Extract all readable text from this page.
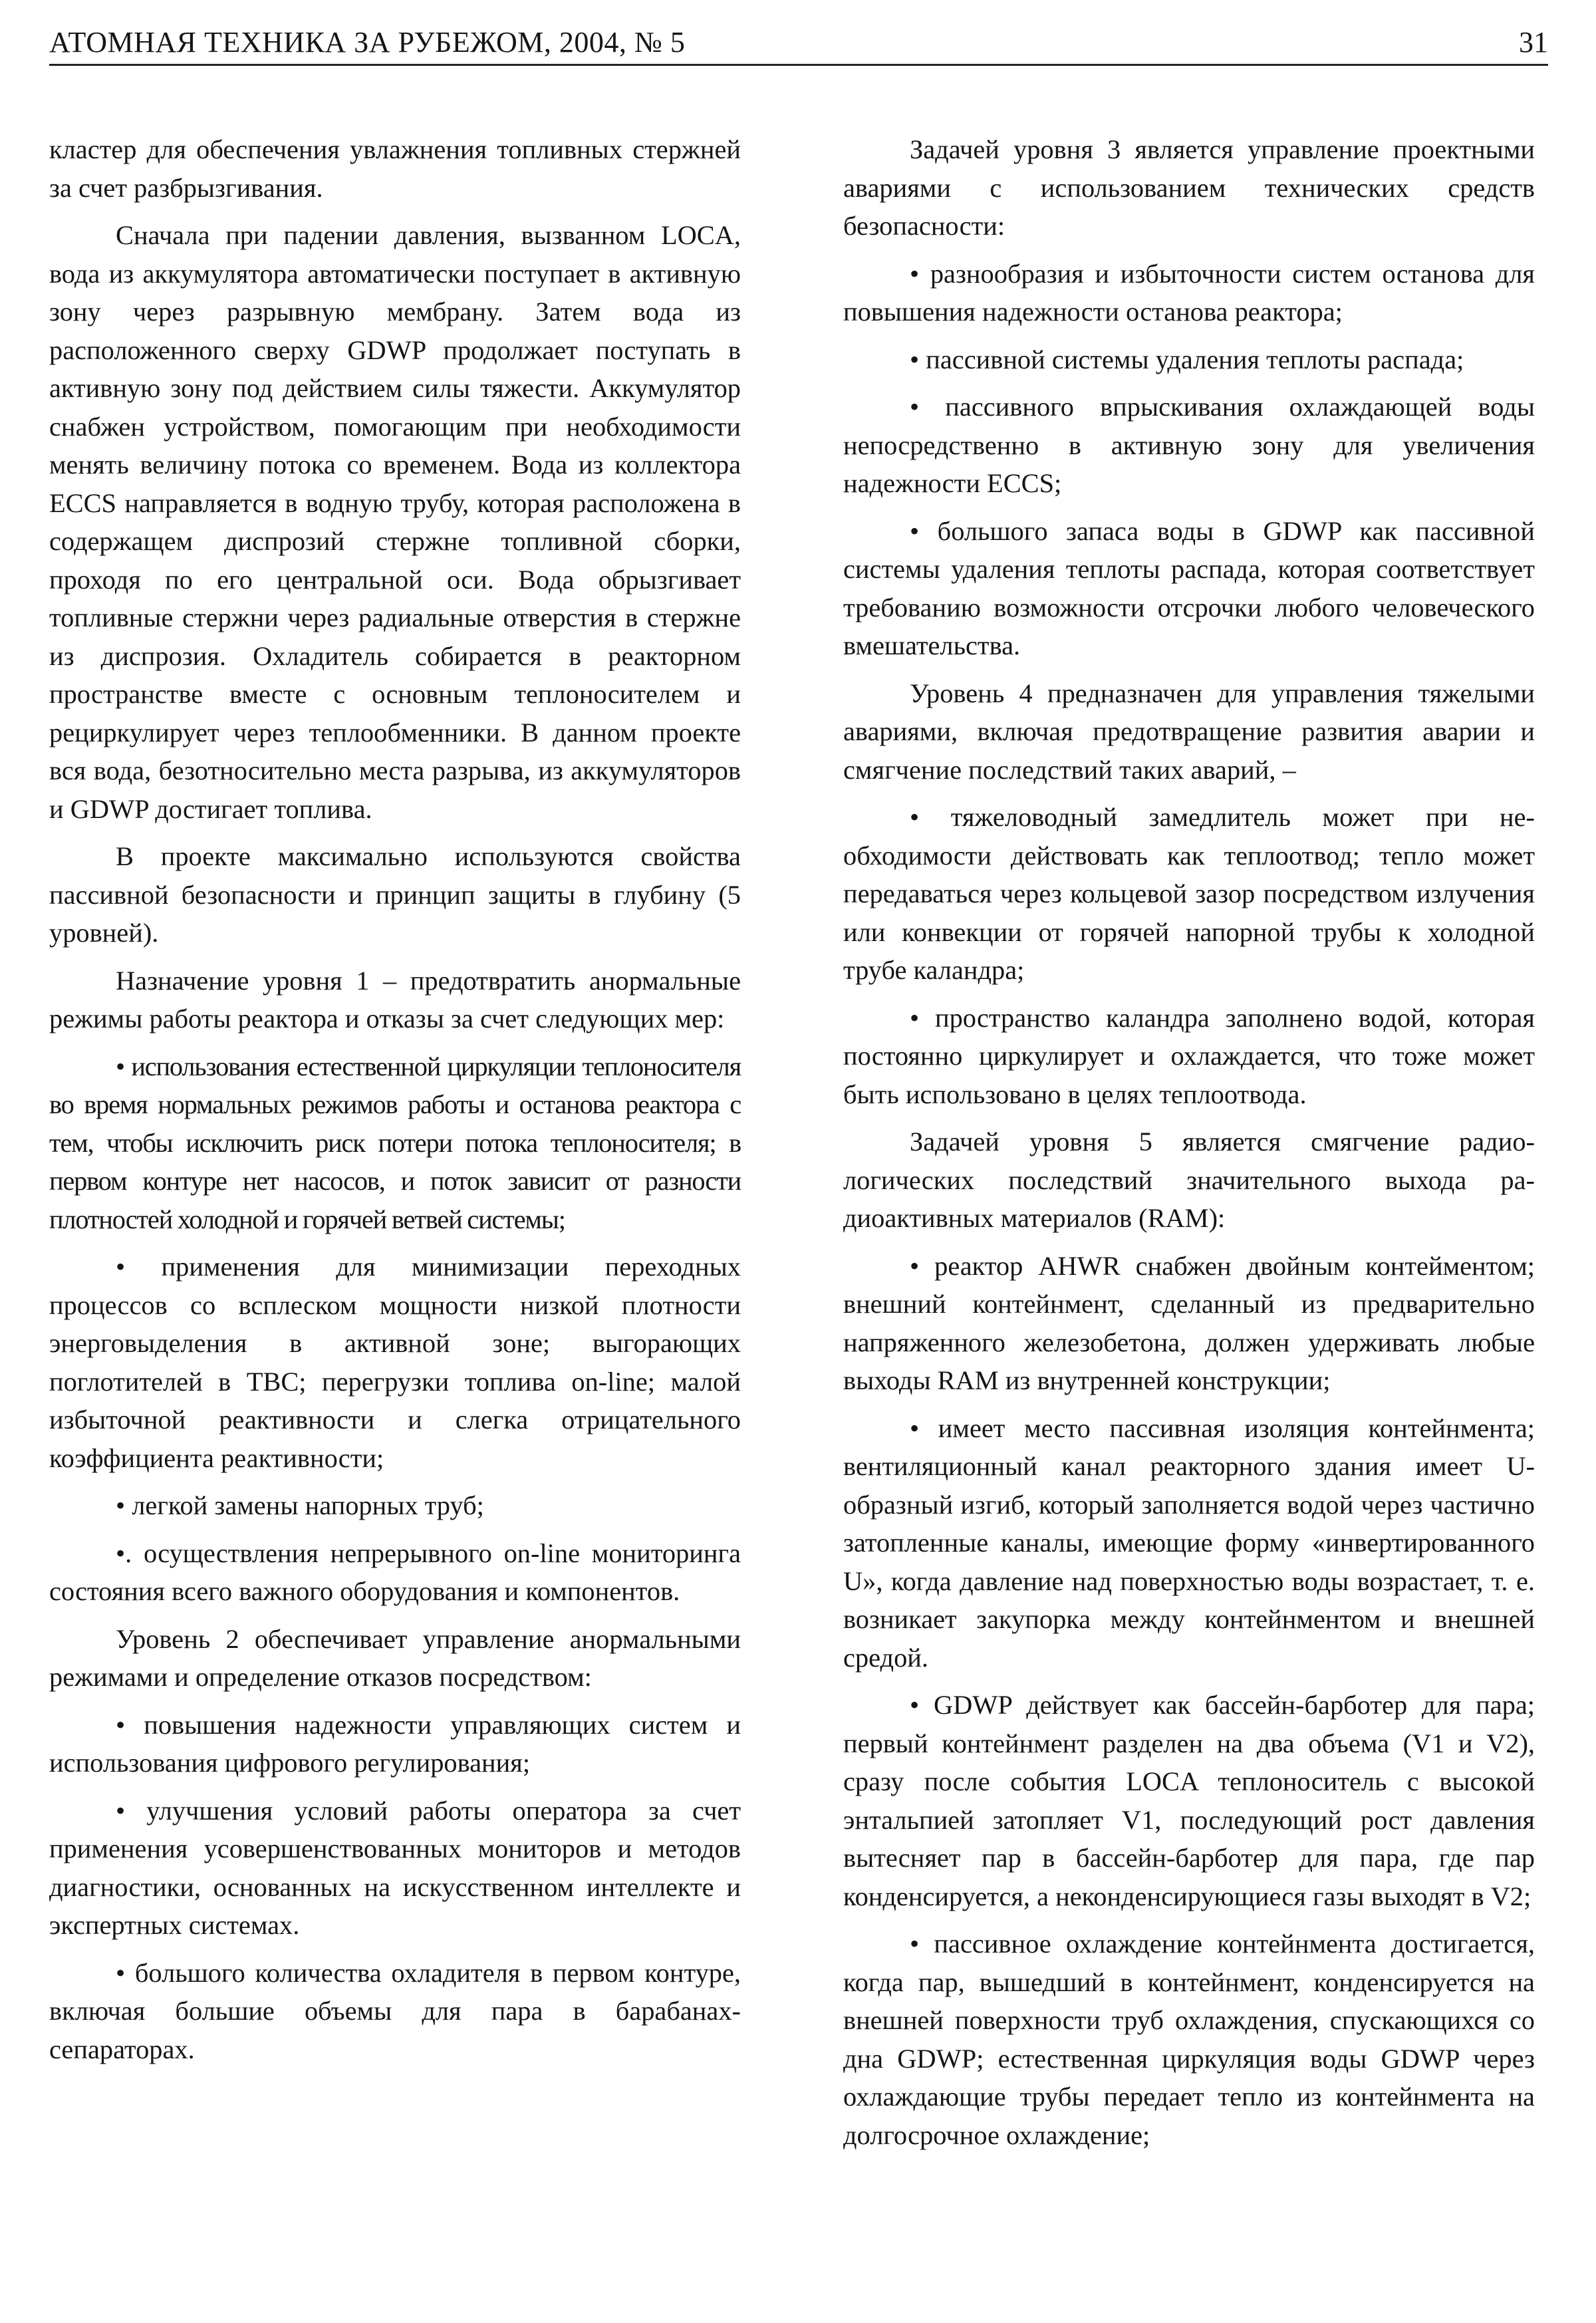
АТОМНАЯ ТЕХНИКА ЗА РУБЕЖОМ, 2004, № 5	31

кластер для обеспечения увлажнения топливных стержней за счет разбрызгивания.

Сначала при падении давления, вызванном LOCA, вода из аккумулятора автоматически поступает в активную зону через разрывную мембрану. Затем вода из расположенного сверху GDWP продолжает поступать в активную зону под действием силы тяжести. Аккумулятор снабжен устройством, помогающим при необходимости менять величину потока со временем. Вода из коллектора ECCS направляется в водную трубу, которая расположена в содержащем диспрозий стержне топливной сборки, проходя по его центральной оси. Вода обрызгивает топливные стержни через радиальные отверстия в стержне из диспрозия. Охладитель собирается в реакторном пространстве вместе с основным теплоносителем и рециркулирует через теплообменники. В данном проекте вся вода, безотносительно места разрыва, из аккумуляторов и GDWP достигает топлива.

В проекте максимально используются свойства пассивной безопасности и принцип защиты в глубину (5 уровней).

Назначение уровня 1 – предотвратить анормальные режимы работы реактора и отказы за счет следующих мер:

• использования естественной циркуляции теплоносителя во время нормальных режимов работы и останова реактора с тем, чтобы исключить риск потери потока теплоносителя; в первом контуре нет насосов, и поток зависит от разности плотностей холодной и горячей ветвей системы;

• применения для минимизации переходных процессов со всплеском мощности низкой плотности энерговыделения в активной зоне; выгорающих поглотителей в ТВС; перегрузки топлива on-line; малой избыточной реактивности и слегка отрицательного коэффициента реактивности;

• легкой замены напорных труб;

•. осуществления непрерывного on-line мониторинга состояния всего важного оборудования и компонентов.

Уровень 2 обеспечивает управление анормальными режимами и определение отказов посредством:

• повышения надежности управляющих систем и использования цифрового регулирования;

• улучшения условий работы оператора за счет применения усовершенствованных мониторов и методов диагностики, основанных на искусственном интеллекте и экспертных системах.

• большого количества охладителя в первом контуре, включая большие объемы для пара в барабанах-сепараторах.

Задачей уровня 3 является управление проектными авариями с использованием технических средств безопасности:

• разнообразия и избыточности систем останова для повышения надежности останова реактора;

• пассивной системы удаления теплоты распада;

• пассивного впрыскивания охлаждающей воды непосредственно в активную зону для увеличения надежности ECCS;

• большого запаса воды в GDWP как пассивной системы удаления теплоты распада, которая соответствует требованию возможности отсрочки любого человеческого вмешательства.

Уровень 4 предназначен для управления тяжелыми авариями, включая предотвращение развития аварии и смягчение последствий таких аварий, –

• тяжеловодный замедлитель может при необходимости действовать как теплоотвод; тепло может передаваться через кольцевой зазор посредством излучения или конвекции от горячей напорной трубы к холодной трубе каландра;

• пространство каландра заполнено водой, которая постоянно циркулирует и охлаждается, что тоже может быть использовано в целях теплоотвода.

Задачей уровня 5 является смягчение радиологических последствий значительного выхода радиоактивных материалов (RAM):

• реактор AHWR снабжен двойным контейментом; внешний контейнмент, сделанный из предварительно напряженного железобетона, должен удерживать любые выходы RAM из внутренней конструкции;

• имеет место пассивная изоляция контейнмента; вентиляционный канал реакторного здания имеет U-образный изгиб, который заполняется водой через частично затопленные каналы, имеющие форму «инвертированного U», когда давление над поверхностью воды возрастает, т. е. возникает закупорка между контейнментом и внешней средой.

• GDWP действует как бассейн-барботер для пара; первый контейнмент разделен на два объема (V1 и V2), сразу после события LOCA теплоноситель с высокой энтальпией затопляет V1, последующий рост давления вытесняет пар в бассейн-барботер для пара, где пар конденсируется, а неконденсирующиеся газы выходят в V2;

• пассивное охлаждение контейнмента достигается, когда пар, вышедший в контейнмент, конденсируется на внешней поверхности труб охлаждения, спускающихся со дна GDWP; естественная циркуляция воды GDWP через охлаждающие трубы передает тепло из контейнмента на долгосрочное охлаждение;
